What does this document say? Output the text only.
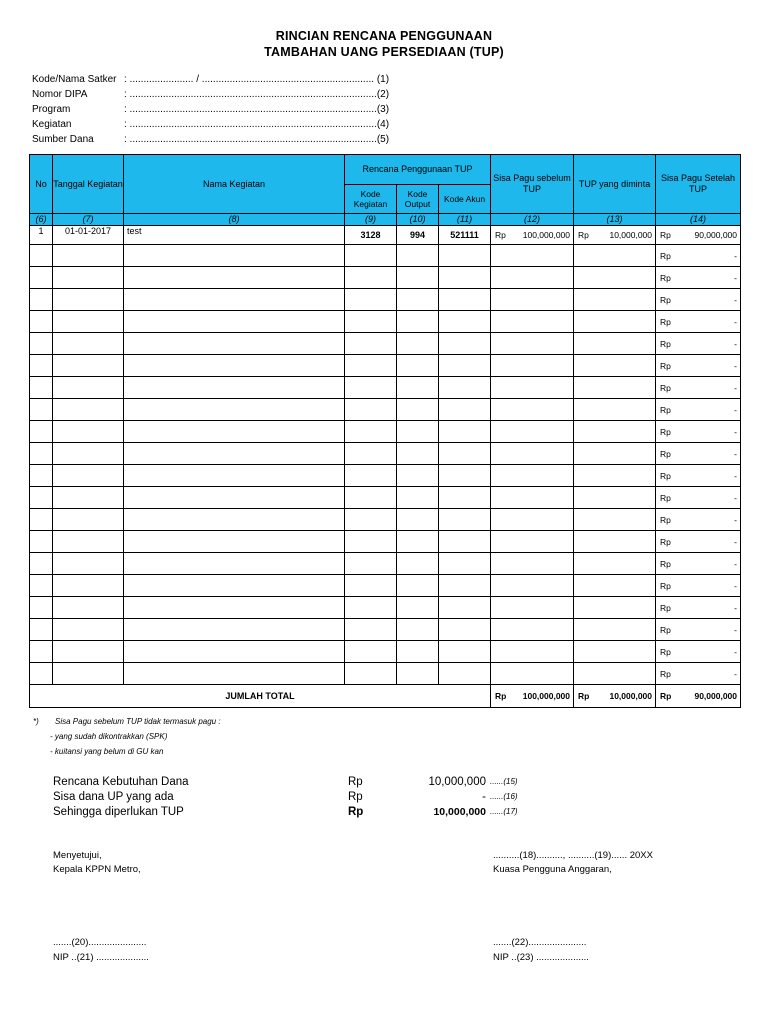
RINCIAN RENCANA PENGGUNAAN
TAMBAHAN UANG PERSEDIAAN (TUP)
Kode/Nama Satker : ....................... / .............................................................. (1)
Nomor DIPA	: .........................................................................................(2)
Program	: .........................................................................................(3)
Kegiatan	: .........................................................................................(4)
Sumber Dana	: .........................................................................................(5)
No	Tanggal Kegiatan	Nama Kegiatan	Rencana Penggunaan TUP			Sisa Pagu sebelum TUP	TUP yang diminta	Sisa Pagu Setelah TUP
			Kode Kegiatan	Kode Output	Kode Akun			
(6)	(7)	(8)	(9)	(10)	(11)	(12)	(13)	(14)
1	01-01-2017	test	3128	994	521111	Rp 100,000,000	Rp 10,000,000	Rp 90,000,000

								Rp -

								Rp -

								Rp -

								Rp -

								Rp -

								Rp -

								Rp -

								Rp -

								Rp -

								Rp -

								Rp -

								Rp -

								Rp -

								Rp -

								Rp -

								Rp -

								Rp -

								Rp -

								Rp -

								Rp -

JUMLAH TOTAL						Rp 100,000,000	Rp 10,000,000	Rp 90,000,000
*) Sisa Pagu sebelum TUP tidak termasuk pagu :
- yang sudah dikontrakkan (SPK)
- kuitansi yang belum di GU kan
Rencana Kebutuhan Dana	Rp	10,000,000 ......(15)
Sisa dana UP yang ada	Rp	- ......(16)
Sehingga diperlukan TUP	Rp	10,000,000 ......(17)
Menyetujui,
Kepala KPPN Metro,
.......(20)......................
NIP ..(21) ....................
..........(18).........., ..........(19)...... 20XX
Kuasa Pengguna Anggaran,
.......(22)......................
NIP ..(23) ....................
